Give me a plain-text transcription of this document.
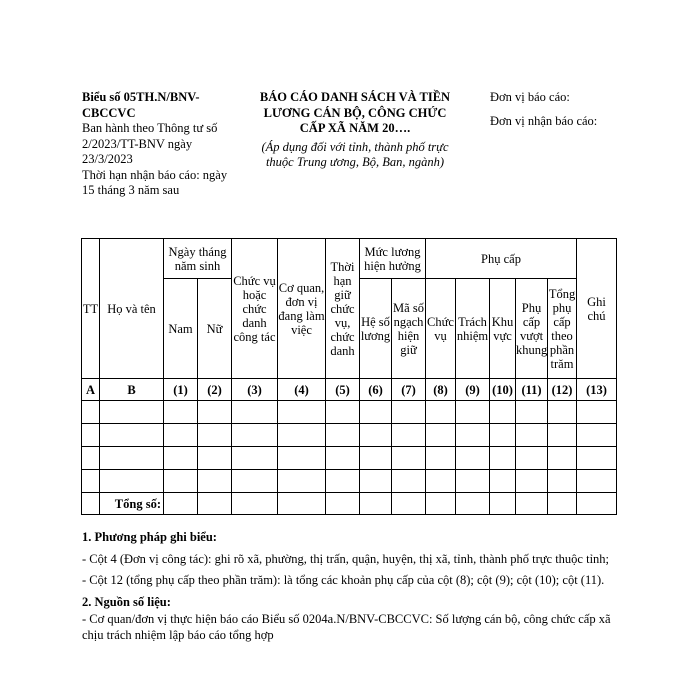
Biểu số 05TH.N/BNV-CBCCVC
Ban hành theo Thông tư số 2/2023/TT-BNV ngày 23/3/2023
Thời hạn nhận báo cáo: ngày 15 tháng 3 năm sau
BÁO CÁO DANH SÁCH VÀ TIỀN LƯƠNG CÁN BỘ, CÔNG CHỨC CẤP XÃ NĂM 20….
(Áp dụng đối với tỉnh, thành phố trực thuộc Trung ương, Bộ, Ban, ngành)
Đơn vị báo cáo:
Đơn vị nhận báo cáo:
TT	Họ và tên	Ngày tháng năm sinh		Chức vụ hoặc chức danh công tác	Cơ quan, đơn vị đang làm việc	Thời hạn giữ chức vụ, chức danh	Mức lương hiện hưởng		Phụ cấp					Ghi chú
									Chức vụ	Trách nhiệm	Khu vực	Phụ cấp vượt khung	Tổng phụ cấp theo phần trăm	
		Nam	Nữ				Hệ số lương	Mã số ngạch hiện giữ						
A	B	(1)	(2)	(3)	(4)	(5)	(6)	(7)	(8)	(9)	(10)	(11)	(12)	(13)

	Tổng số:													
1. Phương pháp ghi biểu:

- Cột 4 (Đơn vị công tác): ghi rõ xã, phường, thị trấn, quận, huyện, thị xã, tỉnh, thành phố trực thuộc tỉnh;

- Cột 12 (tổng phụ cấp theo phần trăm): là tổng các khoản phụ cấp của cột (8); cột (9); cột (10); cột (11).

2. Nguồn số liệu:

- Cơ quan/đơn vị thực hiện báo cáo Biểu số 0204a.N/BNV-CBCCVC: Số lượng cán bộ, công chức cấp xã chịu trách nhiệm lập báo cáo tổng hợp
